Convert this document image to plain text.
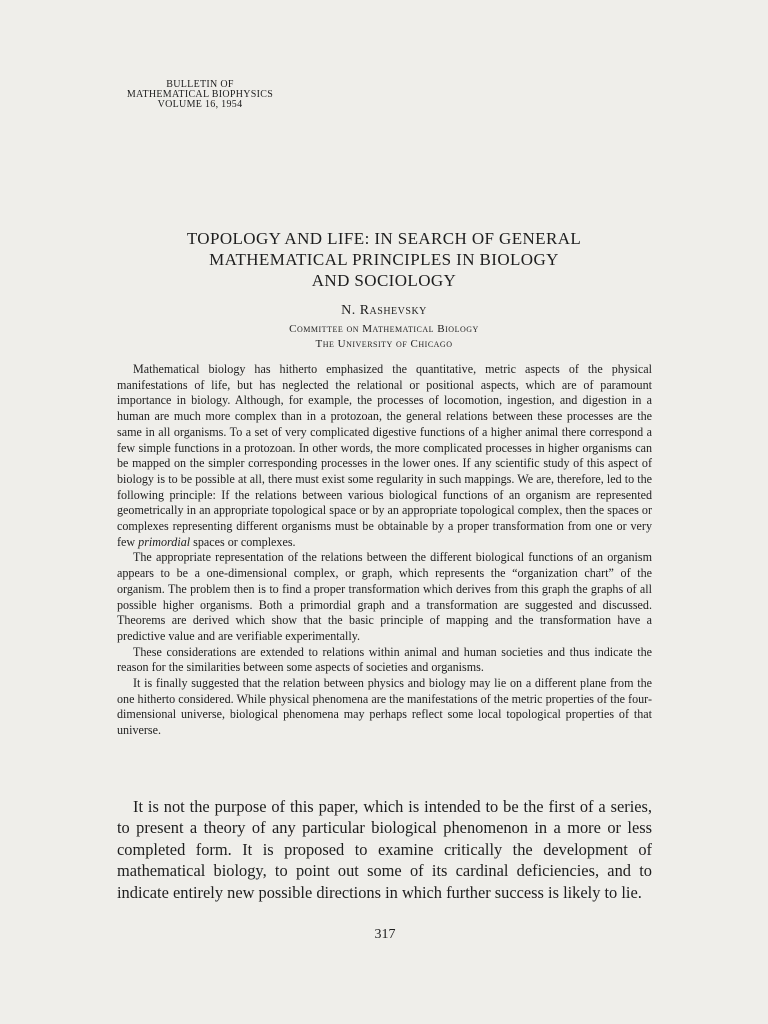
BULLETIN OF
MATHEMATICAL BIOPHYSICS
VOLUME 16, 1954
TOPOLOGY AND LIFE: IN SEARCH OF GENERAL
MATHEMATICAL PRINCIPLES IN BIOLOGY
AND SOCIOLOGY
N. Rashevsky
Committee on Mathematical Biology
The University of Chicago

Mathematical biology has hitherto emphasized the quantitative, metric aspects of the physical manifestations of life, but has neglected the relational or positional aspects, which are of paramount importance in biology. Although, for example, the processes of locomotion, ingestion, and digestion in a human are much more complex than in a protozoan, the general relations between these processes are the same in all organisms. To a set of very complicated digestive functions of a higher animal there correspond a few simple functions in a protozoan. In other words, the more complicated processes in higher organisms can be mapped on the simpler corresponding processes in the lower ones. If any scientific study of this aspect of biology is to be possible at all, there must exist some regularity in such mappings. We are, therefore, led to the following principle: If the relations between various biological functions of an organism are represented geometrically in an appropriate topological space or by an appropriate topological complex, then the spaces or complexes representing different organisms must be obtainable by a proper transformation from one or very few primordial spaces or complexes.

The appropriate representation of the relations between the different biological functions of an organism appears to be a one-dimensional complex, or graph, which represents the “organization chart” of the organism. The problem then is to find a proper transformation which derives from this graph the graphs of all possible higher organisms. Both a primordial graph and a transformation are suggested and discussed. Theorems are derived which show that the basic principle of mapping and the transformation have a predictive value and are verifiable experimentally.

These considerations are extended to relations within animal and human societies and thus indicate the reason for the similarities between some aspects of societies and organisms.

It is finally suggested that the relation between physics and biology may lie on a different plane from the one hitherto considered. While physical phenomena are the manifestations of the metric properties of the four-dimensional universe, biological phenomena may perhaps reflect some local topological properties of that universe.

It is not the purpose of this paper, which is intended to be the first of a series, to present a theory of any particular biological phenomenon in a more or less completed form. It is proposed to examine critically the development of mathematical biology, to point out some of its cardinal deficiencies, and to indicate entirely new possible directions in which further success is likely to lie.

317
